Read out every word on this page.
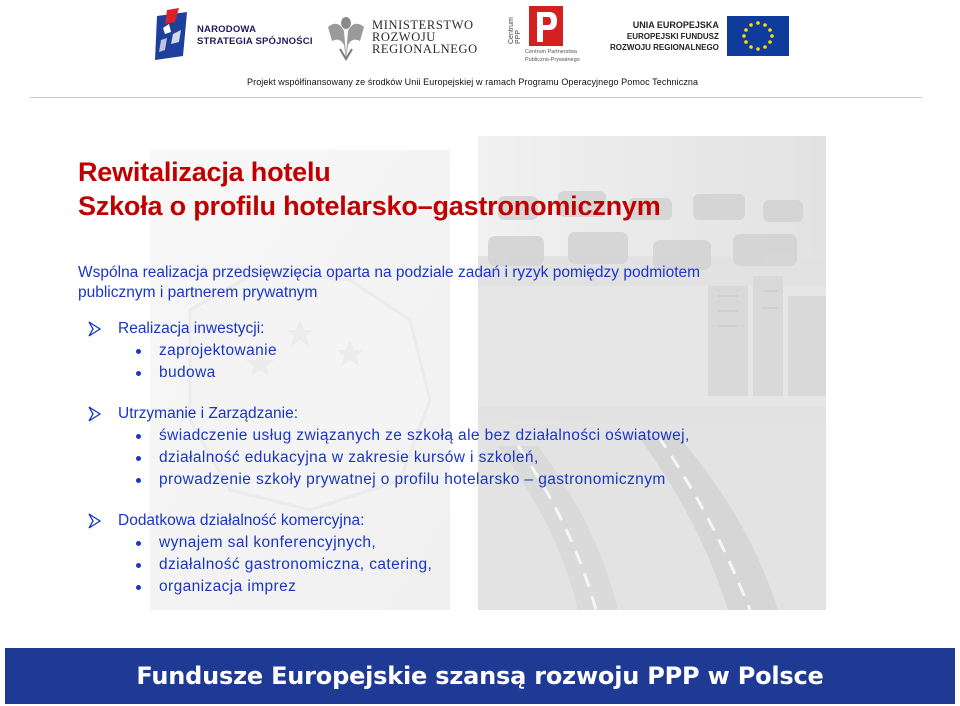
NARODOWA
STRATEGIA SPÓJNOŚCI
MINISTERSTWO
ROZWOJU
REGIONALNEGO
Centrum PPP
Centrum Partnerstwa
Publiczno-Prywatnego
UNIA EUROPEJSKA
EUROPEJSKI FUNDUSZ
ROZWOJU REGIONALNEGO
Projekt współfinansowany ze środków Unii Europejskiej w ramach Programu Operacyjnego Pomoc Techniczna
Rewitalizacja hotelu
Szkoła o profilu hotelarsko–gastronomicznym
Wspólna realizacja przedsięwzięcia oparta na podziale zadań i ryzyk pomiędzy podmiotem
publicznym i partnerem prywatnym
Realizacja inwestycji:
zaprojektowanie
budowa
Utrzymanie i Zarządzanie:
świadczenie usług związanych ze szkołą ale bez działalności oświatowej,
działalność edukacyjna w zakresie kursów i szkoleń,
prowadzenie szkoły prywatnej o profilu hotelarsko – gastronomicznym
Dodatkowa działalność komercyjna:
wynajem sal konferencyjnych,
działalność gastronomiczna, catering,
organizacja imprez
Fundusze Europejskie szansą rozwoju PPP w Polsce
